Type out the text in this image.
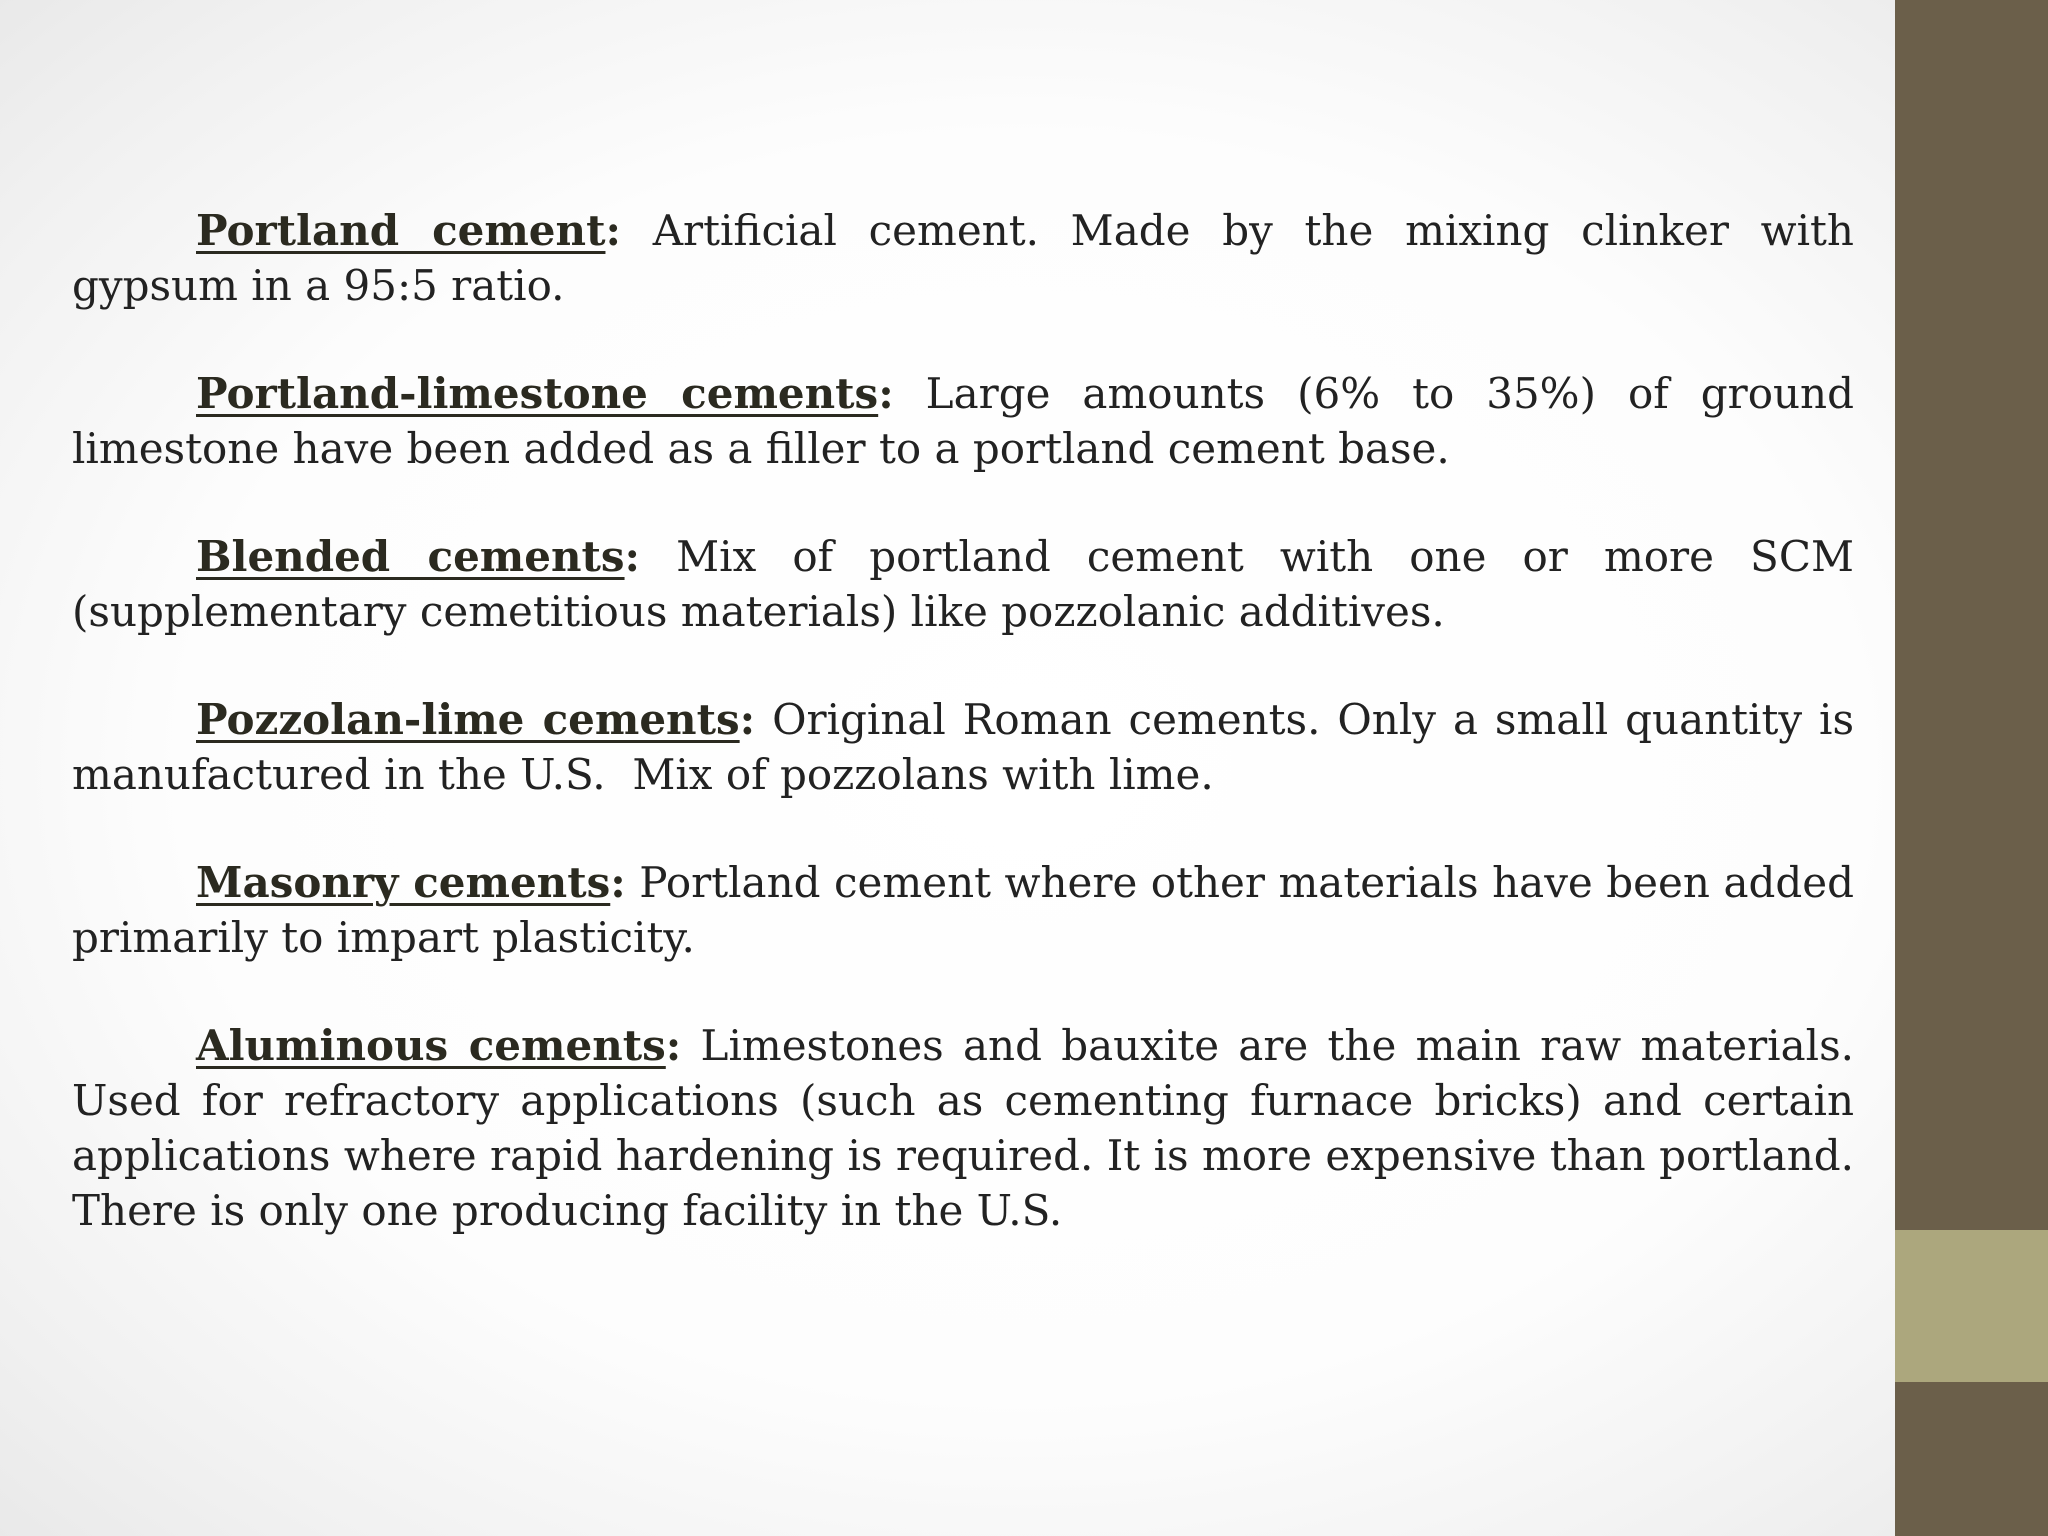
Portland cement: Artificial cement. Made by the mixing clinker with gypsum in a 95:5 ratio.

Portland-limestone cements: Large amounts (6% to 35%) of ground limestone have been added as a filler to a portland cement base.

Blended cements: Mix of portland cement with one or more SCM (supplementary cemetitious materials) like pozzolanic additives.

Pozzolan-lime cements: Original Roman cements. Only a small quantity is manufactured in the U.S.  Mix of pozzolans with lime.

Masonry cements: Portland cement where other materials have been added primarily to impart plasticity.

Aluminous cements: Limestones and bauxite are the main raw materials. Used for refractory applications (such as cementing furnace bricks) and certain applications where rapid hardening is required. It is more expensive than portland. There is only one producing facility in the U.S.
